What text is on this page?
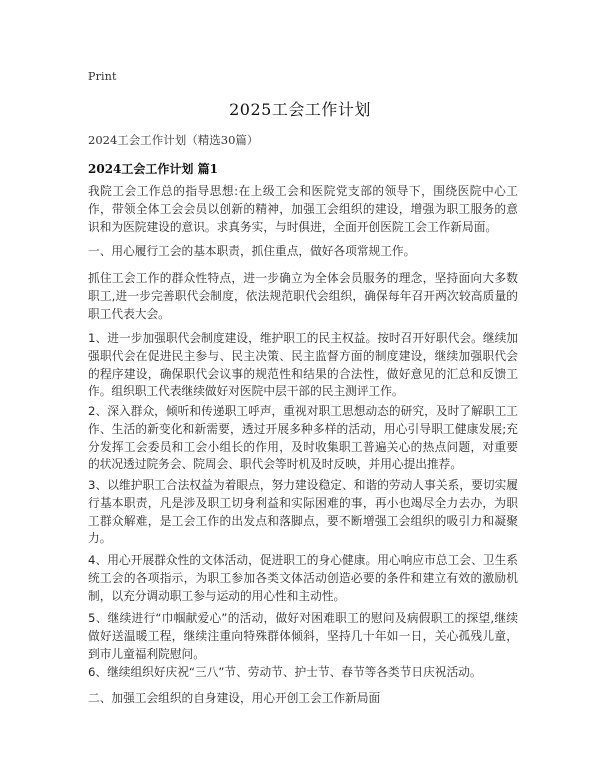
Print
2025工会工作计划
2024工会工作计划（精选30篇）
2024工会工作计划 篇1

我院工会工作总的指导思想:在上级工会和医院党支部的领导下，围绕医院中心工作，带领全体工会会员以创新的精神，加强工会组织的建设，增强为职工服务的意识和为医院建设的意识。求真务实，与时俱进，全面开创医院工会工作新局面。

一、用心履行工会的基本职责，抓住重点，做好各项常规工作。

抓住工会工作的群众性特点，进一步确立为全体会员服务的理念，坚持面向大多数职工,进一步完善职代会制度，依法规范职代会组织，确保每年召开两次较高质量的职工代表大会。

1、进一步加强职代会制度建设，维护职工的民主权益。按时召开好职代会。继续加强职代会在促进民主参与、民主决策、民主监督方面的制度建设，继续加强职代会的程序建设，确保职代会议事的规范性和结果的合法性，做好意见的汇总和反馈工作。组织职工代表继续做好对医院中层干部的民主测评工作。

2、深入群众，倾听和传递职工呼声，重视对职工思想动态的研究，及时了解职工工作、生活的新变化和新需要，透过开展多种多样的活动，用心引导职工健康发展;充分发挥工会委员和工会小组长的作用，及时收集职工普遍关心的热点问题，对重要的状况透过院务会、院周会、职代会等时机及时反映，并用心提出推荐。

3、以维护职工合法权益为着眼点，努力建设稳定、和谐的劳动人事关系，要切实履行基本职责，凡是涉及职工切身利益和实际困难的事，再小也竭尽全力去办，为职工群众解难，是工会工作的出发点和落脚点，要不断增强工会组织的吸引力和凝聚力。

4、用心开展群众性的文体活动，促进职工的身心健康。用心响应市总工会、卫生系统工会的各项指示，为职工参加各类文体活动创造必要的条件和建立有效的激励机制，以充分调动职工参与运动的用心性和主动性。

5、继续进行“巾帼献爱心”的活动，做好对困难职工的慰问及病假职工的探望,继续做好送温暖工程，继续注重向特殊群体倾斜，坚持几十年如一日，关心孤残儿童，到市儿童福利院慰问。

6、继续组织好庆祝“三八”节、劳动节、护士节、春节等各类节日庆祝活动。

二、加强工会组织的自身建设，用心开创工会工作新局面
